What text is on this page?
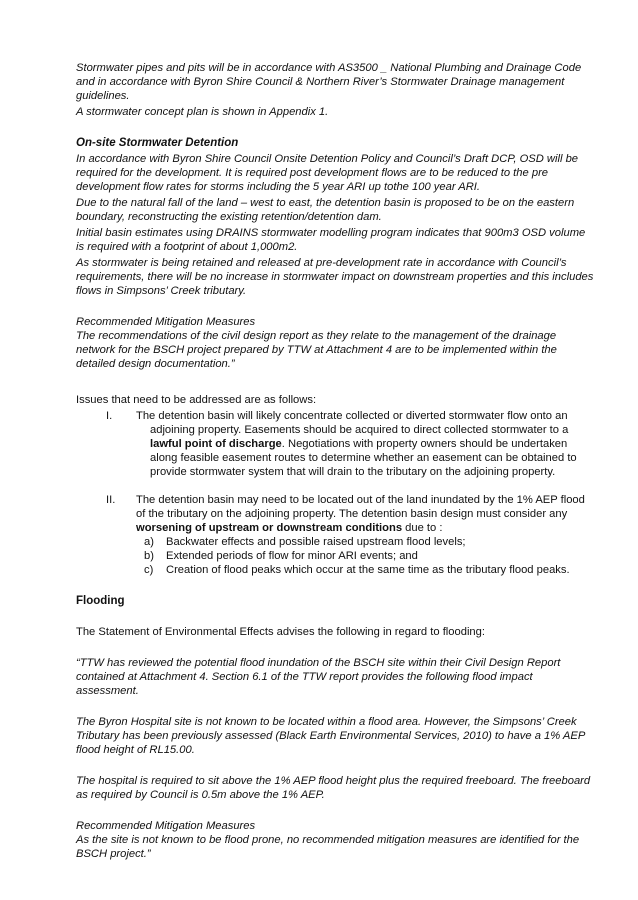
Stormwater pipes and pits will be in accordance with AS3500 _ National Plumbing and Drainage Code and in accordance with Byron Shire Council & Northern River’s Stormwater Drainage management guidelines.

A stormwater concept plan is shown in Appendix 1.

On-site Stormwater Detention

In accordance with Byron Shire Council Onsite Detention Policy and Council’s Draft DCP, OSD will be required for the development. It is required post development flows are to be reduced to the pre development flow rates for storms including the 5 year ARI up tothe 100 year ARI.

Due to the natural fall of the land – west to east, the detention basin is proposed to be on the eastern boundary, reconstructing the existing retention/detention dam.

Initial basin estimates using DRAINS stormwater modelling program indicates that 900m3 OSD volume is required with a footprint of about 1,000m2.

As stormwater is being retained and released at pre-development rate in accordance with Council’s requirements, there will be no increase in stormwater impact on downstream properties and this includes flows in Simpsons’ Creek tributary.

Recommended Mitigation Measures

The recommendations of the civil design report as they relate to the management of the drainage network for the BSCH project prepared by TTW at Attachment 4 are to be implemented within the detailed design documentation.”

Issues that need to be addressed are as follows:

I. The detention basin will likely concentrate collected or diverted stormwater flow onto an adjoining property. Easements should be acquired to direct collected stormwater to a lawful point of discharge. Negotiations with property owners should be undertaken along feasible easement routes to determine whether an easement can be obtained to provide stormwater system that will drain to the tributary on the adjoining property.

II. The detention basin may need to be located out of the land inundated by the 1% AEP flood of the tributary on the adjoining property. The detention basin design must consider any worsening of upstream or downstream conditions due to :

a) Backwater effects and possible raised upstream flood levels;

b) Extended periods of flow for minor ARI events; and

c) Creation of flood peaks which occur at the same time as the tributary flood peaks.

Flooding

The Statement of Environmental Effects advises the following in regard to flooding:

“TTW has reviewed the potential flood inundation of the BSCH site within their Civil Design Report contained at Attachment 4. Section 6.1 of the TTW report provides the following flood impact assessment.

The Byron Hospital site is not known to be located within a flood area. However, the Simpsons’ Creek Tributary has been previously assessed (Black Earth Environmental Services, 2010) to have a 1% AEP flood height of RL15.00.

The hospital is required to sit above the 1% AEP flood height plus the required freeboard. The freeboard as required by Council is 0.5m above the 1% AEP.

Recommended Mitigation Measures

As the site is not known to be flood prone, no recommended mitigation measures are identified for the BSCH project.”
